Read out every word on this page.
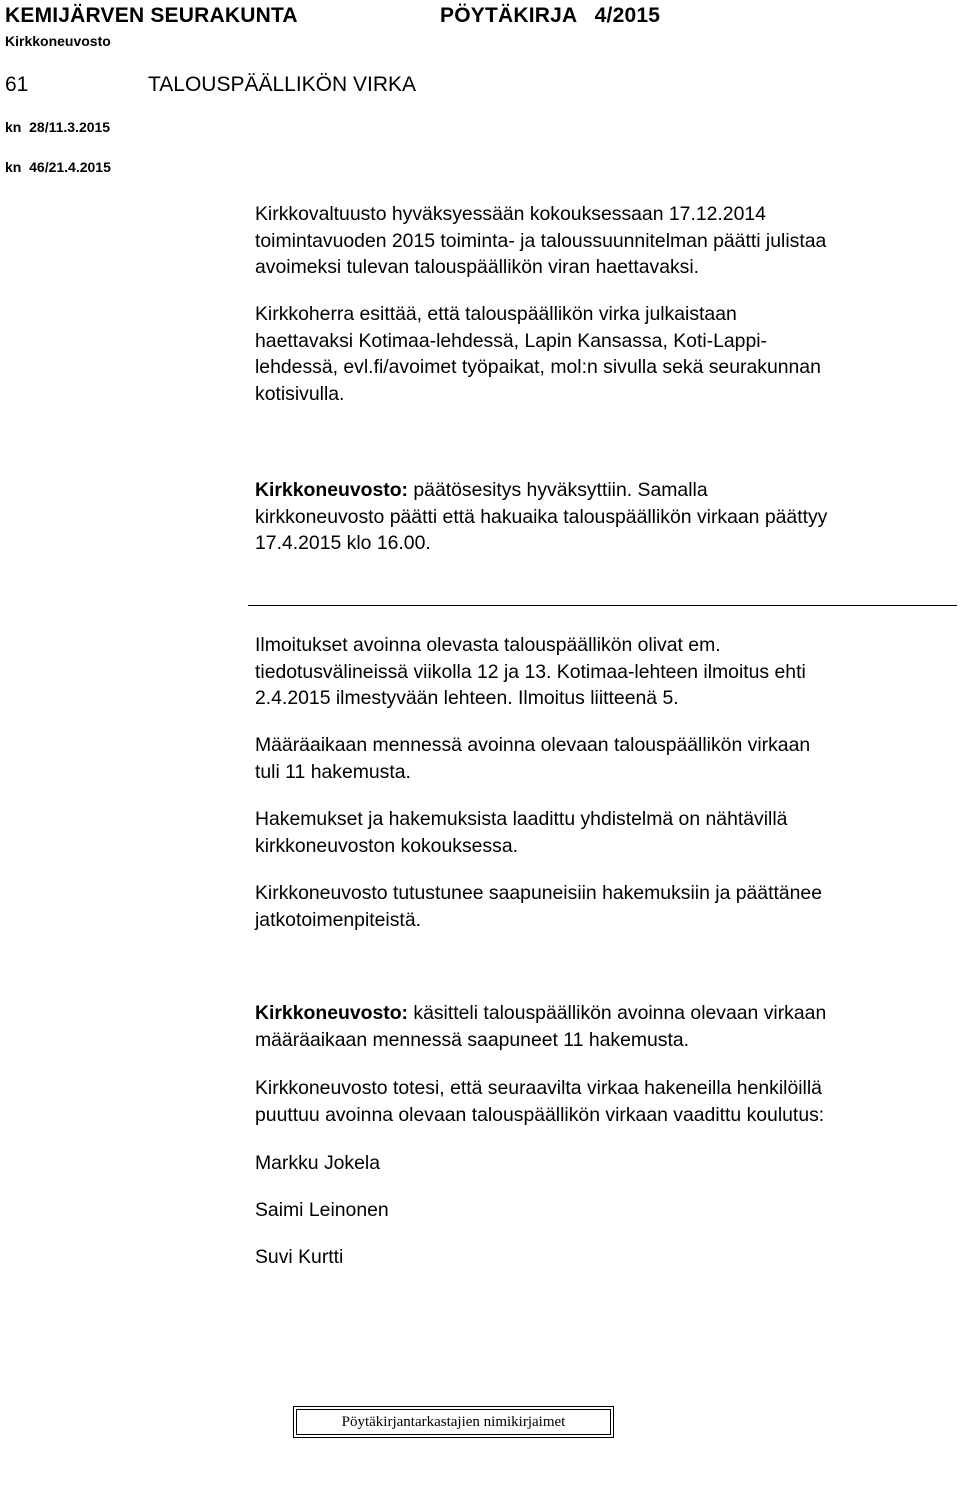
KEMIJÄRVEN SEURAKUNTA	PÖYTÄKIRJA   4/2015
Kirkkoneuvosto
61	TALOUSPÄÄLLIKÖN VIRKA
kn  28/11.3.2015
kn  46/21.4.2015
Kirkkovaltuusto hyväksyessään kokouksessaan 17.12.2014
toimintavuoden 2015 toiminta- ja taloussuunnitelman päätti julistaa
avoimeksi tulevan talouspäällikön viran haettavaksi.
Kirkkoherra esittää, että talouspäällikön virka julkaistaan
haettavaksi Kotimaa-lehdessä, Lapin Kansassa, Koti-Lappi-
lehdessä, evl.fi/avoimet työpaikat, mol:n sivulla sekä seurakunnan
kotisivulla.
Kirkkoneuvosto: päätösesitys hyväksyttiin. Samalla
kirkkoneuvosto päätti että hakuaika talouspäällikön virkaan päättyy
17.4.2015 klo 16.00.
Ilmoitukset avoinna olevasta talouspäällikön olivat em.
tiedotusvälineissä viikolla 12 ja 13. Kotimaa-lehteen ilmoitus ehti
2.4.2015 ilmestyvään lehteen. Ilmoitus liitteenä 5.
Määräaikaan mennessä avoinna olevaan talouspäällikön virkaan
tuli 11 hakemusta.
Hakemukset ja hakemuksista laadittu yhdistelmä on nähtävillä
kirkkoneuvoston kokouksessa.
Kirkkoneuvosto tutustunee saapuneisiin hakemuksiin ja päättänee
jatkotoimenpiteistä.
Kirkkoneuvosto: käsitteli talouspäällikön avoinna olevaan virkaan
määräaikaan mennessä saapuneet 11 hakemusta.
Kirkkoneuvosto totesi, että seuraavilta virkaa hakeneilla henkilöillä
puuttuu avoinna olevaan talouspäällikön virkaan vaadittu koulutus:
Markku Jokela
Saimi Leinonen
Suvi Kurtti
Pöytäkirjantarkastajien nimikirjaimet
